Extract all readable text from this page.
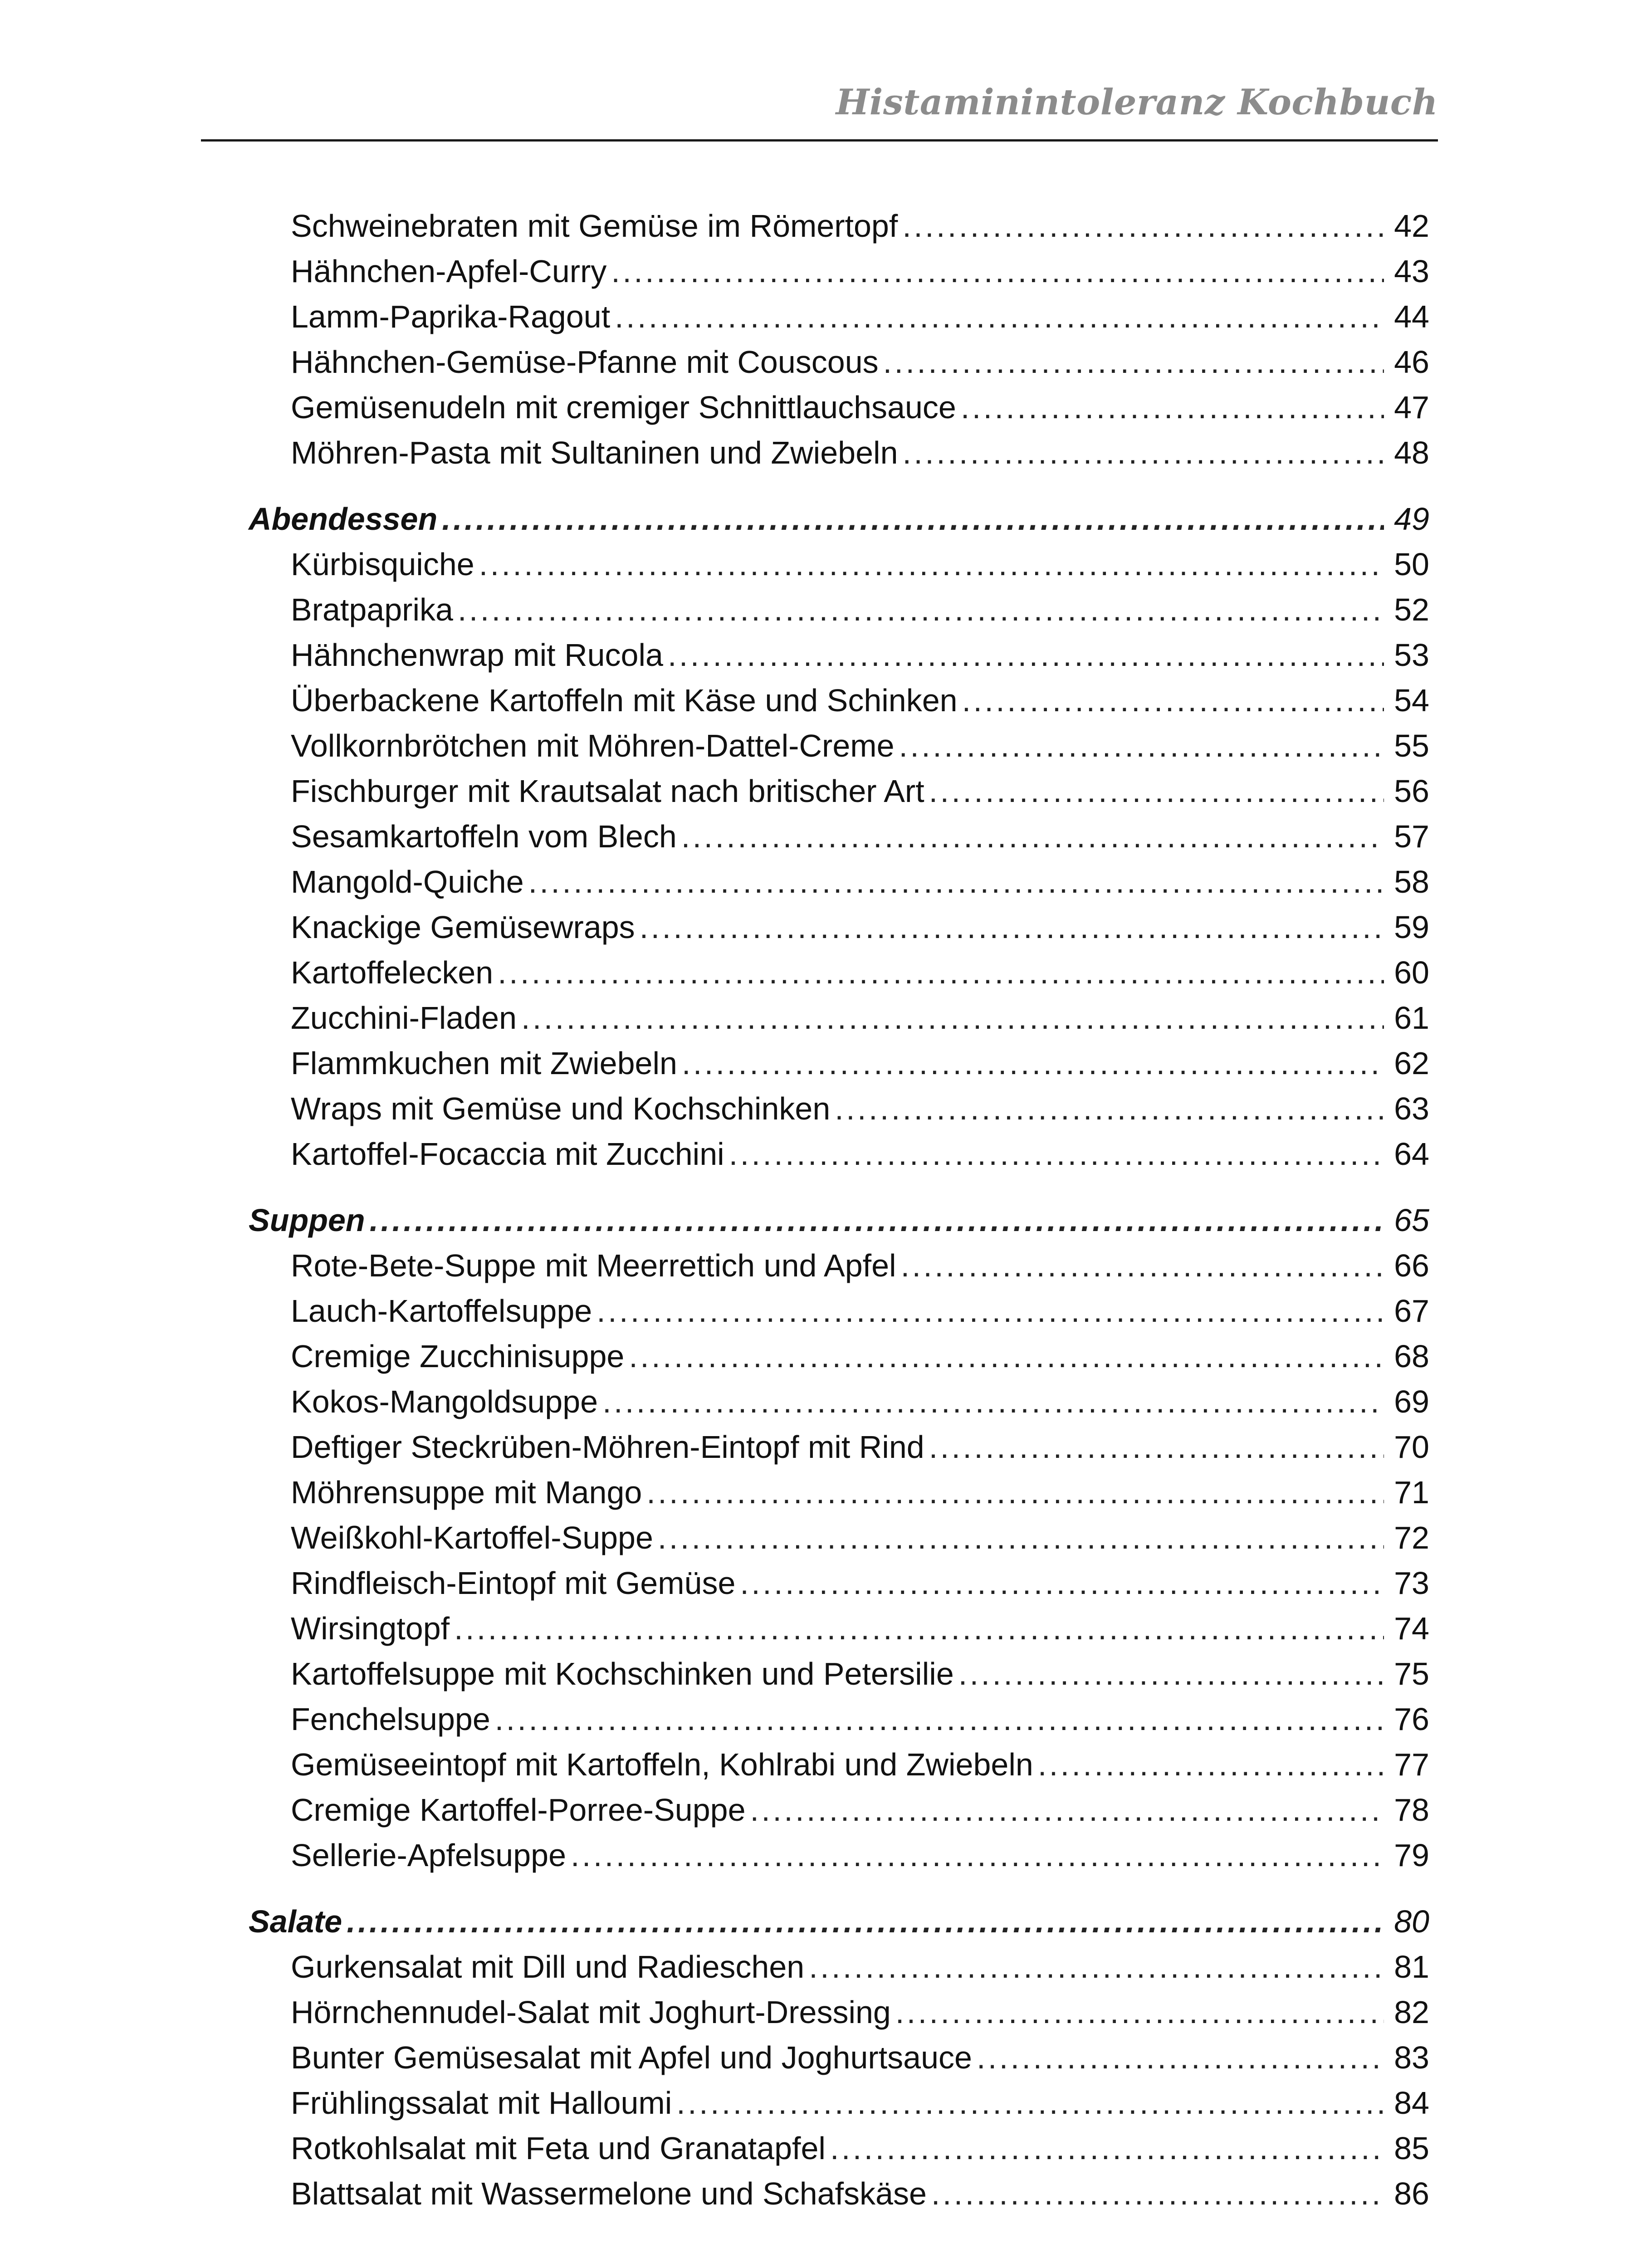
Histaminintoleranz Kochbuch
Schweinebraten mit Gemüse im Römertopf . . .	42
Hähnchen-Apfel-Curry . . .	43
Lamm-Paprika-Ragout . . .	44
Hähnchen-Gemüse-Pfanne mit Couscous . . .	46
Gemüsenudeln mit cremiger Schnittlauchsauce . . .	47
Möhren-Pasta mit Sultaninen und Zwiebeln . . .	48
Abendessen . . .	49
Kürbisquiche . . .	50
Bratpaprika . . .	52
Hähnchenwrap mit Rucola . . .	53
Überbackene Kartoffeln mit Käse und Schinken . . .	54
Vollkornbrötchen mit Möhren-Dattel-Creme . . .	55
Fischburger mit Krautsalat nach britischer Art . . .	56
Sesamkartoffeln vom Blech . . .	57
Mangold-Quiche . . .	58
Knackige Gemüsewraps . . .	59
Kartoffelecken . . .	60
Zucchini-Fladen . . .	61
Flammkuchen mit Zwiebeln . . .	62
Wraps mit Gemüse und Kochschinken . . .	63
Kartoffel-Focaccia mit Zucchini . . .	64
Suppen . . .	65
Rote-Bete-Suppe mit Meerrettich und Apfel . . .	66
Lauch-Kartoffelsuppe . . .	67
Cremige Zucchinisuppe . . .	68
Kokos-Mangoldsuppe . . .	69
Deftiger Steckrüben-Möhren-Eintopf mit Rind . . .	70
Möhrensuppe mit Mango . . .	71
Weißkohl-Kartoffel-Suppe . . .	72
Rindfleisch-Eintopf mit Gemüse . . .	73
Wirsingtopf . . .	74
Kartoffelsuppe mit Kochschinken und Petersilie . . .	75
Fenchelsuppe . . .	76
Gemüseeintopf mit Kartoffeln, Kohlrabi und Zwiebeln . . .	77
Cremige Kartoffel-Porree-Suppe . . .	78
Sellerie-Apfelsuppe . . .	79
Salate . . .	80
Gurkensalat mit Dill und Radieschen . . .	81
Hörnchennudel-Salat mit Joghurt-Dressing . . .	82
Bunter Gemüsesalat mit Apfel und Joghurtsauce . . .	83
Frühlingssalat mit Halloumi . . .	84
Rotkohlsalat mit Feta und Granatapfel . . .	85
Blattsalat mit Wassermelone und Schafskäse . . .	86
